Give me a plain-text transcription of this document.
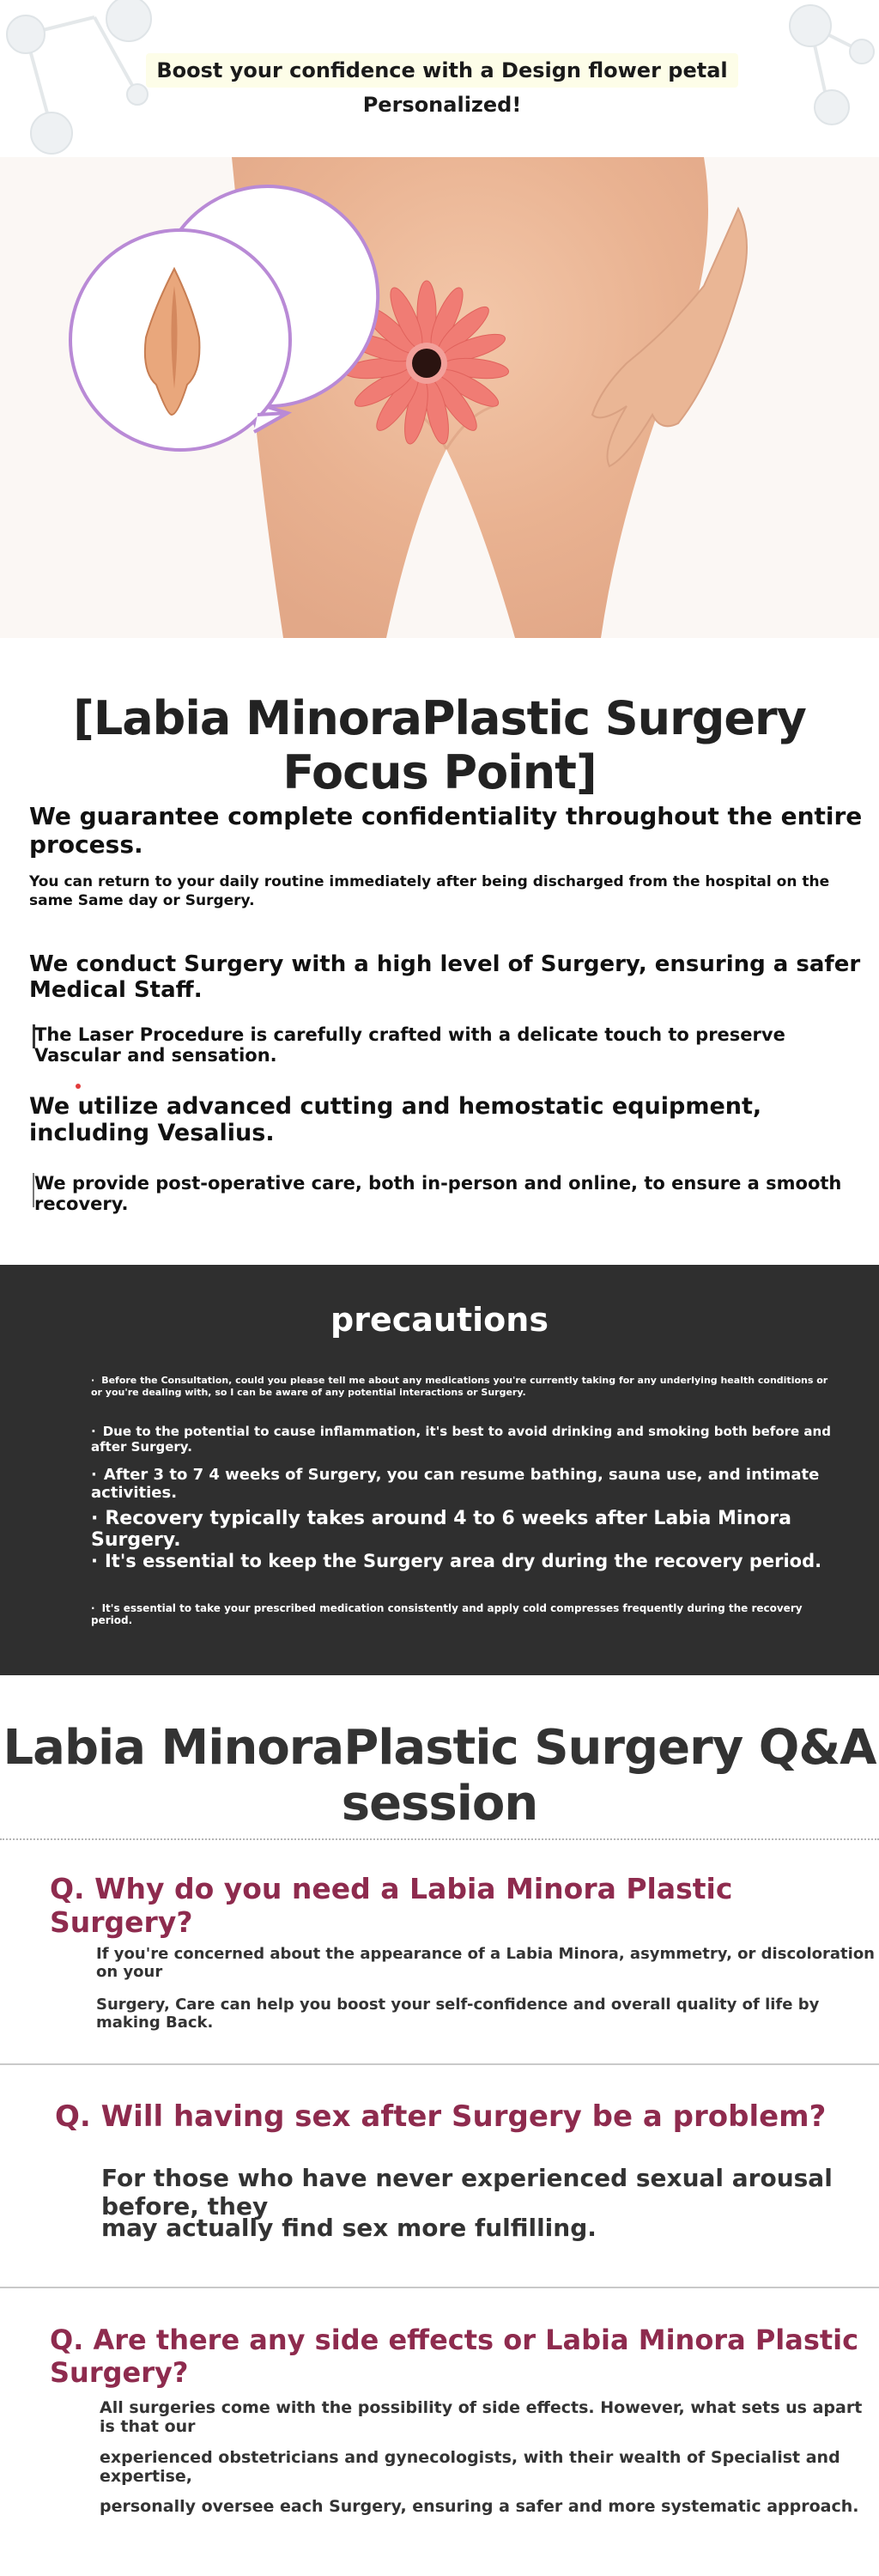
Boost your confidence with a Design flower petal Personalized!
[Labia MinoraPlastic Surgery Focus Point]
We guarantee complete confidentiality throughout the entire process.
You can return to your daily routine immediately after being discharged from the hospital on the same Same day or Surgery.
We conduct Surgery with a high level of Surgery, ensuring a safer Medical Staff.
The Laser Procedure is carefully crafted with a delicate touch to preserve Vascular and sensation.
We utilize advanced cutting and hemostatic equipment, including Vesalius.
We provide post-operative care, both in-person and online, to ensure a smooth recovery.
precautions
· Before the Consultation, could you please tell me about any medications you're currently taking for any underlying health conditions or or you're dealing with, so I can be aware of any potential interactions or Surgery.
· Due to the potential to cause inflammation, it's best to avoid drinking and smoking both before and after Surgery.
· After 3 to 7 4 weeks of Surgery, you can resume bathing, sauna use, and intimate activities.
· Recovery typically takes around 4 to 6 weeks after Labia Minora Surgery.
· It's essential to keep the Surgery area dry during the recovery period.
· It's essential to take your prescribed medication consistently and apply cold compresses frequently during the recovery period.
Labia MinoraPlastic Surgery Q&A session
Q. Why do you need a Labia Minora Plastic Surgery?
If you're concerned about the appearance of a Labia Minora, asymmetry, or discoloration on your
Surgery, Care can help you boost your self-confidence and overall quality of life by making Back.
Q. Will having sex after Surgery be a problem?
For those who have never experienced sexual arousal before, they
may actually find sex more fulfilling.
Q. Are there any side effects or Labia Minora Plastic Surgery?
All surgeries come with the possibility of side effects. However, what sets us apart is that our
experienced obstetricians and gynecologists, with their wealth of Specialist and expertise,
personally oversee each Surgery, ensuring a safer and more systematic approach.
